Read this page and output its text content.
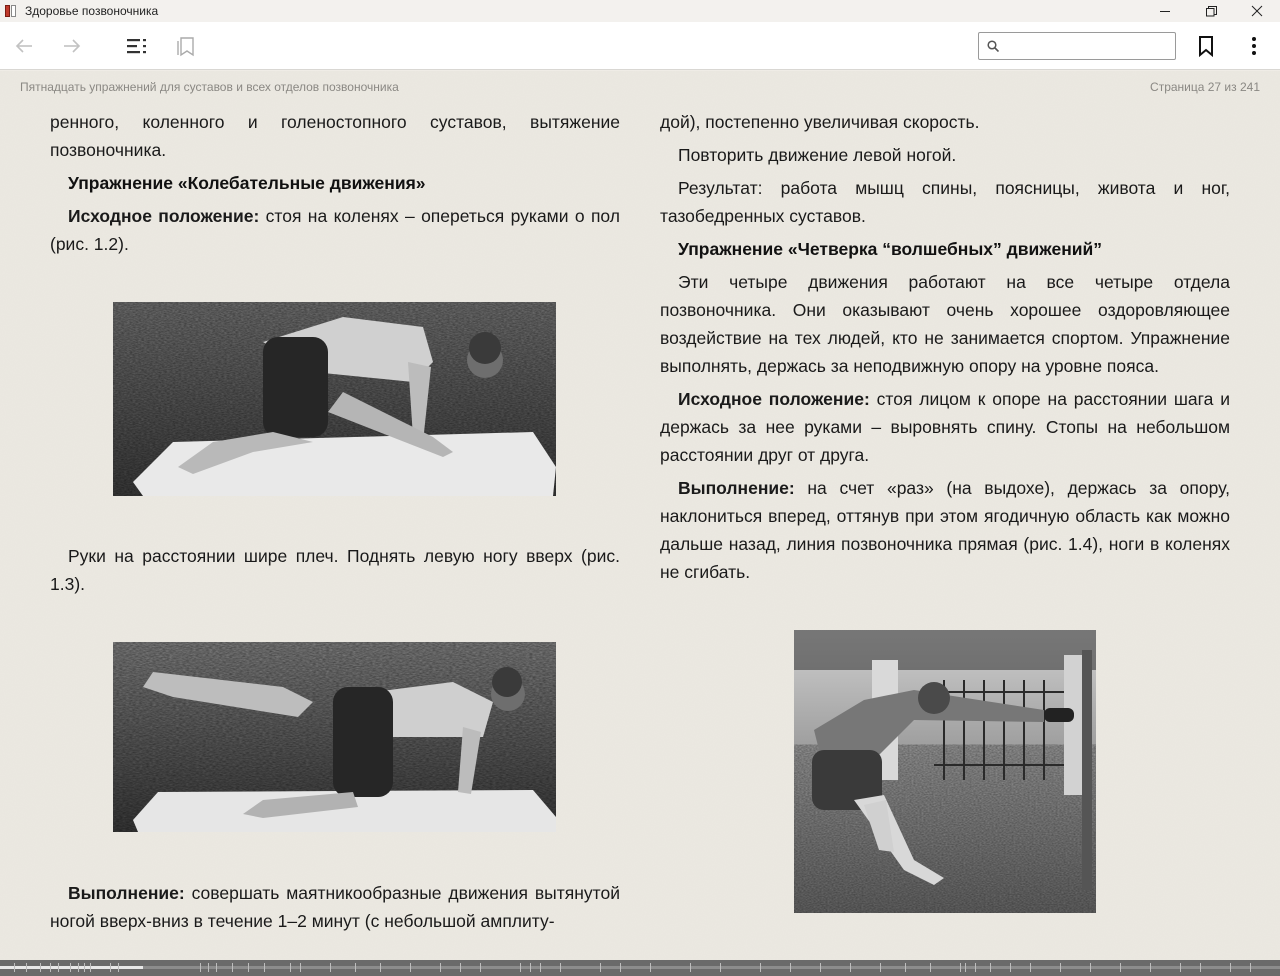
Здоровье позвоночника
Пятнадцать упражнений для суставов и всех отделов позвоночника	Страница 27 из 241
ренного, коленного и голеностопного суставов, вытяжение позвоночника.
Упражнение «Колебательные движения»
Исходное положение: стоя на коленях – опереться руками о пол (рис. 1.2).
Руки на расстоянии шире плеч. Поднять левую ногу вверх (рис. 1.3).
Выполнение: совершать маятникообразные движения вытянутой ногой вверх-вниз в течение 1–2 минут (с небольшой амплиту-
дой), постепенно увеличивая скорость.
Повторить движение левой ногой.
Результат: работа мышц спины, поясницы, живота и ног, тазобедренных суставов.
Упражнение «Четверка “волшебных” движений”
Эти четыре движения работают на все четыре отдела позвоночника. Они оказывают очень хорошее оздоровляющее воздействие на тех людей, кто не занимается спортом. Упражнение выполнять, держась за неподвижную опору на уровне пояса.
Исходное положение: стоя лицом к опоре на расстоянии шага и держась за нее руками – выровнять спину. Стопы на небольшом расстоянии друг от друга.
Выполнение: на счет «раз» (на выдохе), держась за опору, наклониться вперед, оттянув при этом ягодичную область как можно дальше назад, линия позвоночника прямая (рис. 1.4), ноги в коленях не сгибать.
